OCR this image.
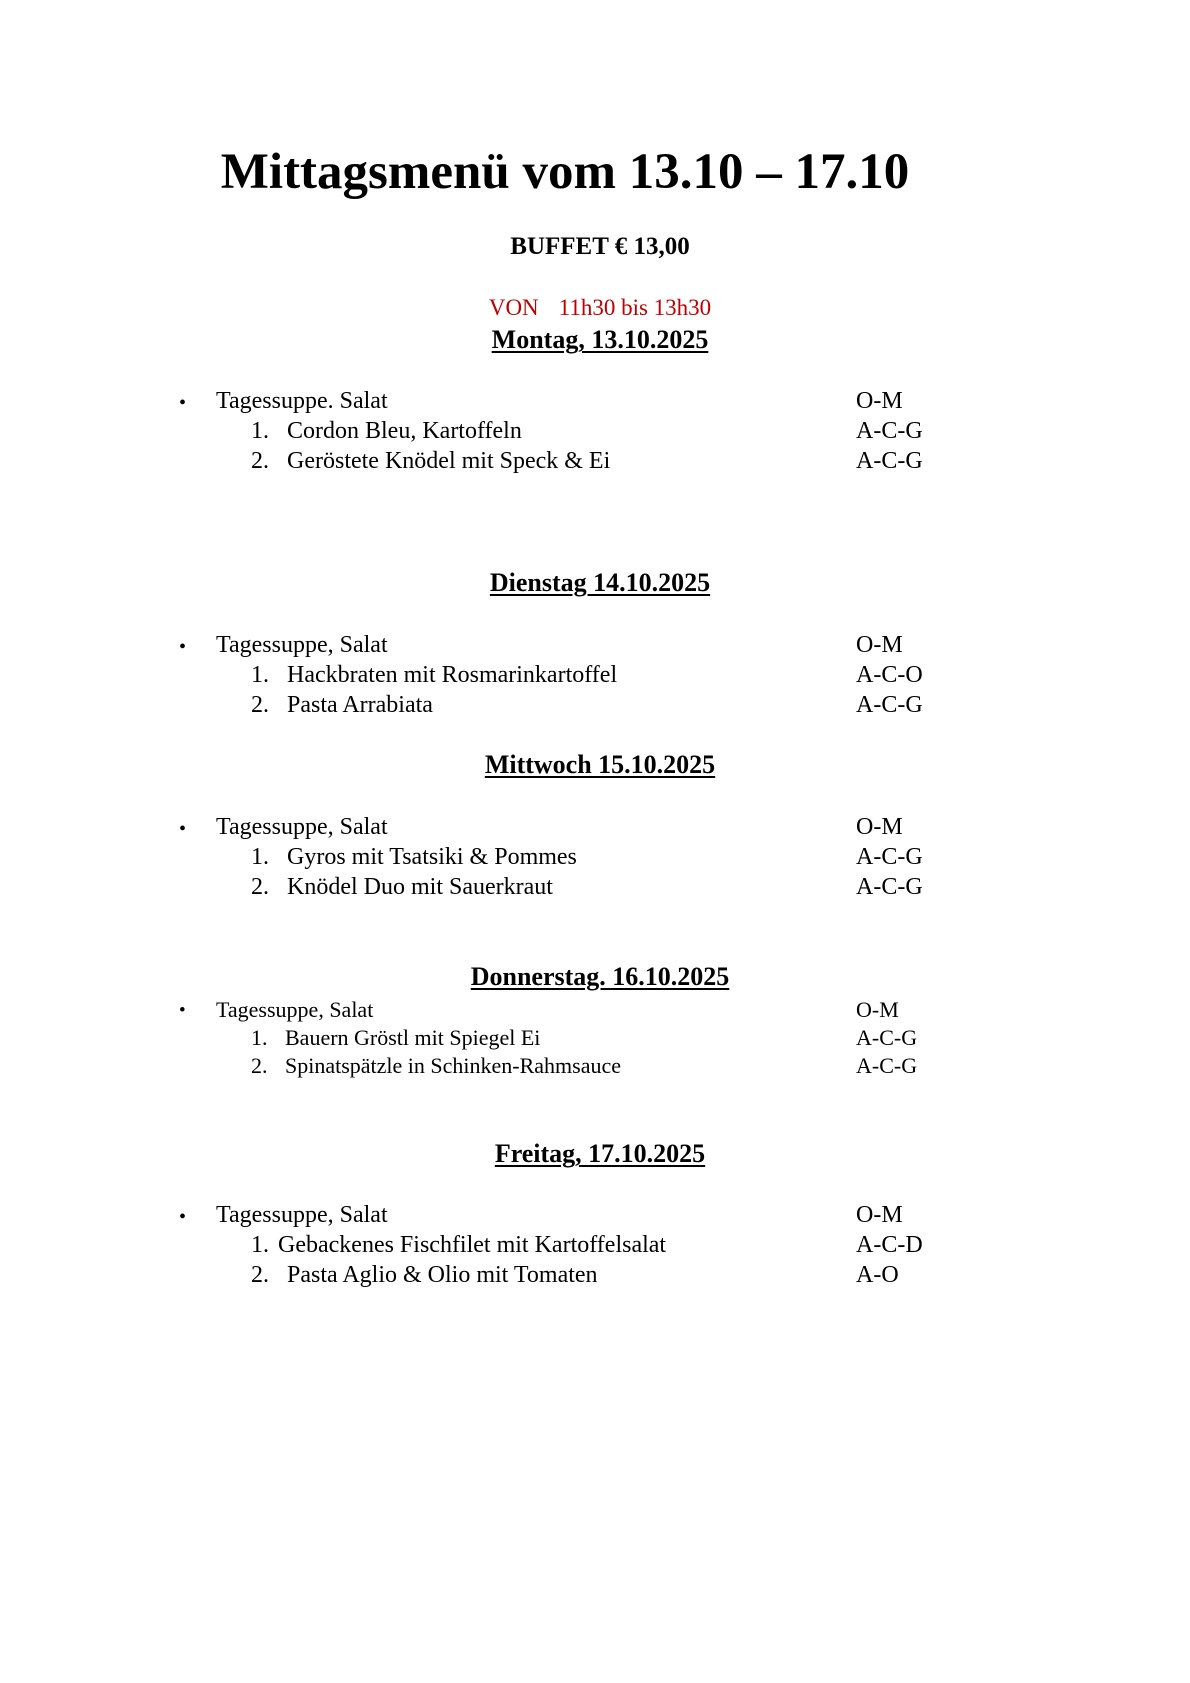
Mittagsmenü vom 13.10 – 17.10
BUFFET € 13,00
VON 11h30 bis 13h30
Montag, 13.10.2025
• Tagessuppe. Salat	O-M
1. Cordon Bleu, Kartoffeln	A-C-G
2. Geröstete Knödel mit Speck & Ei	A-C-G
Dienstag 14.10.2025
• Tagessuppe, Salat	O-M
1. Hackbraten mit Rosmarinkartoffel	A-C-O
2. Pasta Arrabiata	A-C-G
Mittwoch 15.10.2025
• Tagessuppe, Salat	O-M
1. Gyros mit Tsatsiki & Pommes	A-C-G
2. Knödel Duo mit Sauerkraut	A-C-G
Donnerstag. 16.10.2025
• Tagessuppe, Salat	O-M
1. Bauern Gröstl mit Spiegel Ei	A-C-G
2. Spinatspätzle in Schinken-Rahmsauce	A-C-G
Freitag, 17.10.2025
• Tagessuppe, Salat	O-M
1. Gebackenes Fischfilet mit Kartoffelsalat	A-C-D
2. Pasta Aglio & Olio mit Tomaten	A-O
